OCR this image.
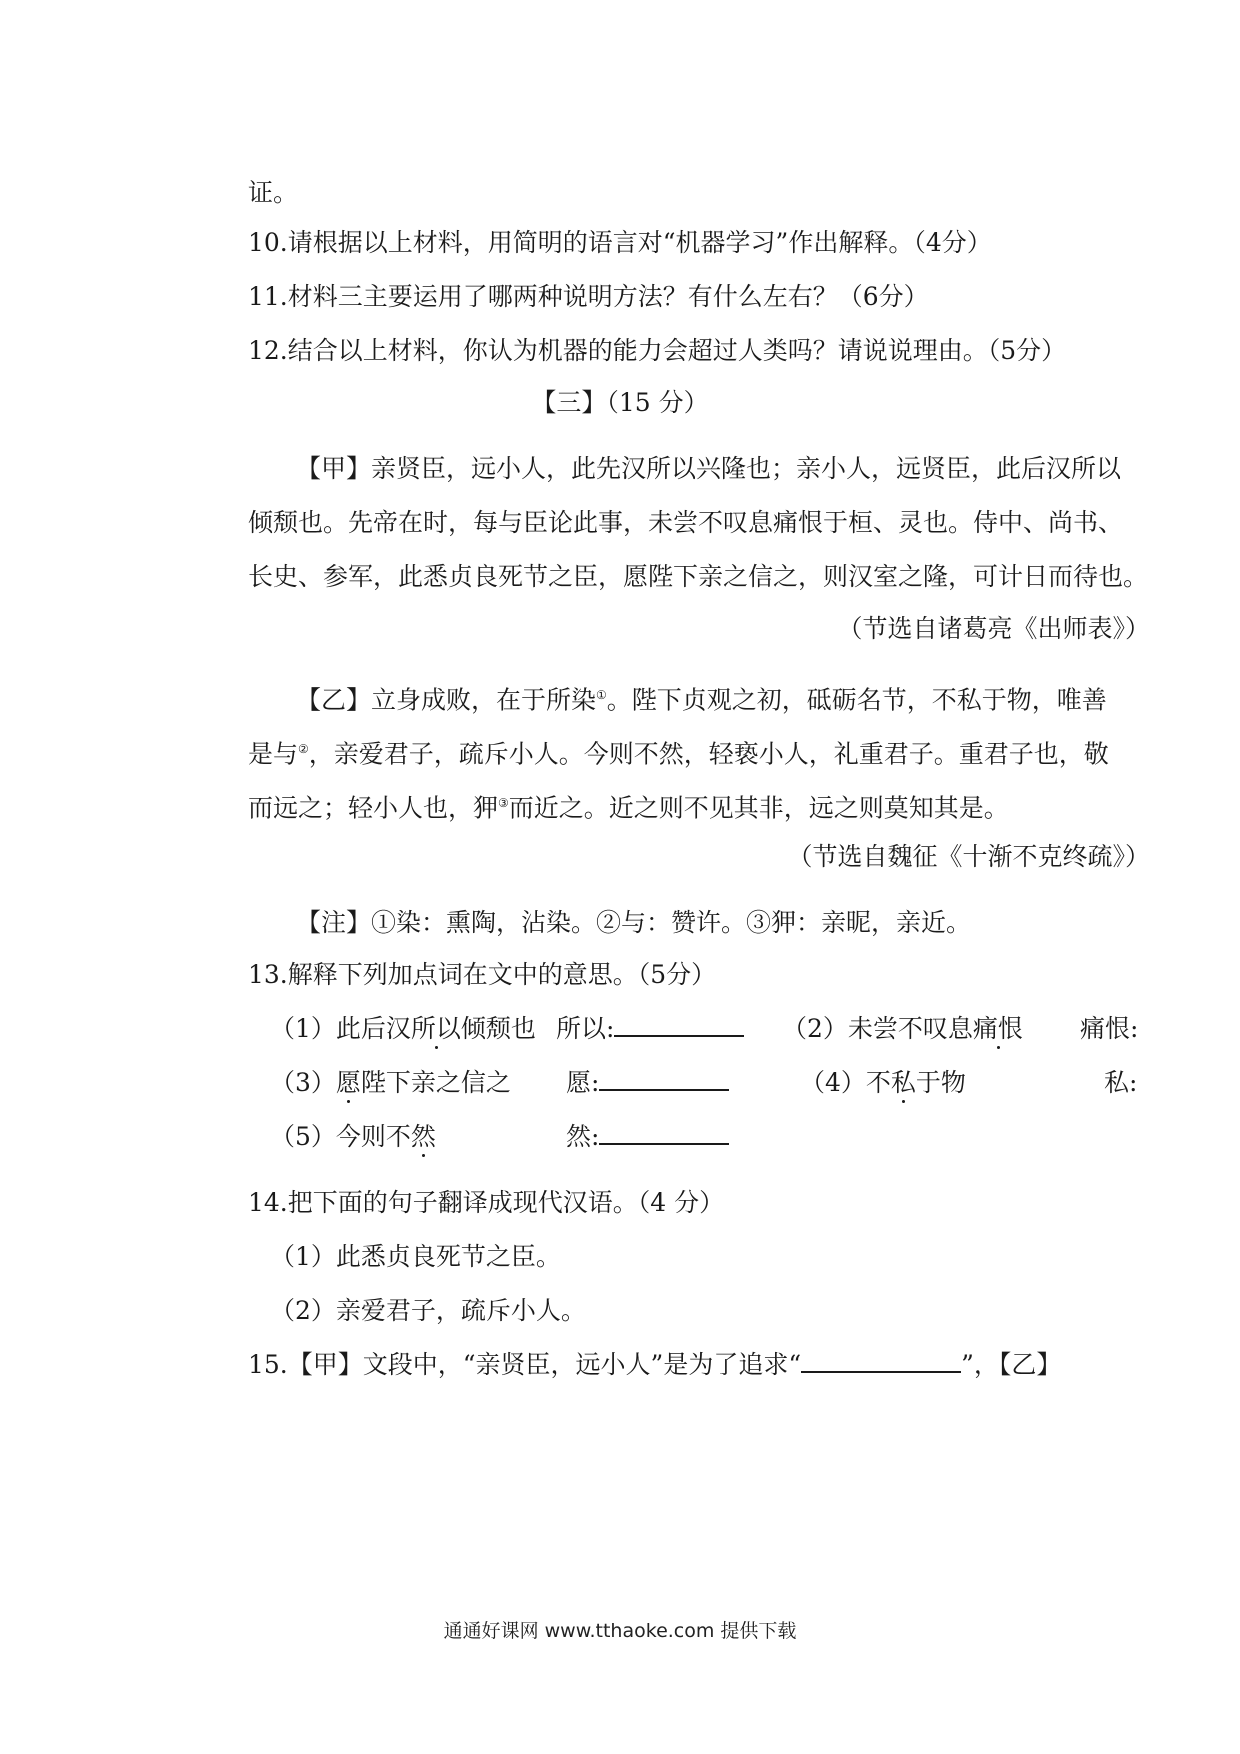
证。
10.请根据以上材料，用简明的语言对“机器学习”作出解释。（4分）
11.材料三主要运用了哪两种说明方法？有什么左右？（6分）
12.结合以上材料，你认为机器的能力会超过人类吗？请说说理由。（5分）
【三】（15 分）
【甲】亲贤臣，远小人，此先汉所以兴隆也；亲小人，远贤臣，此后汉所以
倾颓也。先帝在时，每与臣论此事，未尝不叹息痛恨于桓、灵也。侍中、尚书、
长史、参军，此悉贞良死节之臣，愿陛下亲之信之，则汉室之隆，可计日而待也。
（节选自诸葛亮《出师表》）
【乙】立身成败，在于所染①。陛下贞观之初，砥砺名节，不私于物，唯善
是与②，亲爱君子，疏斥小人。今则不然，轻亵小人，礼重君子。重君子也，敬
而远之；轻小人也，狎③而近之。近之则不见其非，远之则莫知其是。
（节选自魏征《十渐不克终疏》）
【注】①染：熏陶，沾染。②与：赞许。③狎：亲昵，亲近。
13.解释下列加点词在文中的意思。（5分）
（1）此后汉所以倾颓也 所以:	（2）未尝不叹息痛恨 痛恨:
（3）愿陛下亲之信之 愿:	（4）不私于物	私:
（5）今则不然	然:
14.把下面的句子翻译成现代汉语。（4 分）
（1）此悉贞良死节之臣。
（2）亲爱君子，疏斥小人。
15.【甲】文段中，“亲贤臣，远小人”是为了追求“	”，【乙】
通通好课网 www.tthaoke.com 提供下载
